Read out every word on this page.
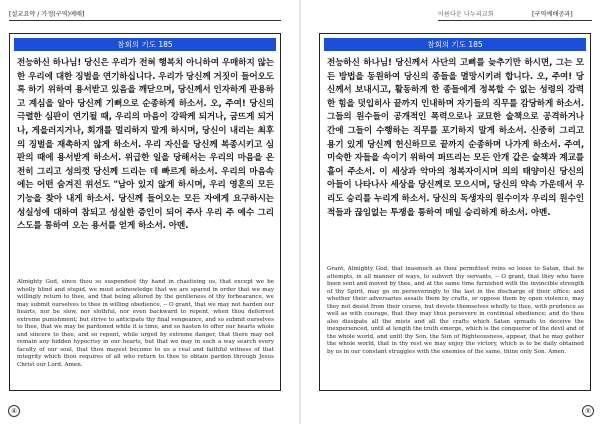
[설교요약 / 가정(구역)예배]
참회의 기도 185
전능하신 하나님! 당신은 우리가 전혀 행복치 아니하여 우매하지 않는 한 우리에 대한 징벌을 연기하십니다. 우리가 당신께 거짓이 들어오도록 하기 위하여 용서받고 있음을 깨닫으며, 당신께서 인자하게 관용하고 계심을 알아 당신께 기뻐으로 순종하게 하소서. 오, 주여! 당신의 극렬한 심판이 연기될 때, 우리의 마음이 강팍케 되거나, 굼뜨게 되거나, 게을러지거나, 회개를 멀리하지 말게 하시며, 당신이 내리는 최후의 징벌을 재촉하지 않게 하소서. 우리 자신을 당신께 복종시키고 심판의 때에 용서받게 하소서. 위급한 일을 당해서는 우리의 마음을 온전히 그리고 성의껏 당신께 드리는 데 빠르게 하소서. 우리의 마음속에는 어떤 숨겨진 위선도 "남아 있지 않게 하시며, 우리 영혼의 모든 기능을 찾아 내게 하소서. 당신께 들어오는 모든 자에게 요구하시는 성실성에 대하여 참되고 성실한 증인이 되어 주사 우리 주 예수 그리스도를 통하여 오는 용서를 얻게 하소서. 아멘.
Almighty God, since thou so suspendest thy hand in chastising us, that except we be wholly blind and stupid, we must acknowledge that we are spared in order that we may willingly return to thee, and that being allured by the gentleness of thy forbearance, we may submit ourselves to thee in willing obedience, -- O grant, that we may not harden our hearts, nor be slow, nor slothful, nor even backward to repent, when thou deferrest extreme punishment; but strive to anticipate thy final vengeance, and so submit ourselves to thee, that we may be pardoned while it is time, and so hasten to offer our hearts whole and sincere to thee, and so repent, while urged by extreme danger, that there may not remain any hidden hypocrisy in our hearts, but that we may in such a way search every faculty of our soul, that thou mayest become to us a real and faithful witness of that integrity which thou requires of all who return to thee to obtain pardon through Jesus Christ our Lord. Amen.
④
아름다운 나누리교회	[구역예배공과]
참회의 기도 185
전능하신 하나님! 당신께서 사단의 고삐를 늦추기만 하시면, 그는 모든 방법을 동원하여 당신의 종들을 멸망시키려 합니다. 오, 주여! 당신께서 보내시고, 활동하게 한 종들에게 정복할 수 없는 성령의 강력한 힘을 덧입히사 끝까지 인내하며 자기들의 직무를 감당하게 하소서. 그들의 원수들이 공개적인 폭력으로나 교묘한 술책으로 공격하거나 간에 그들이 수행하는 직무를 포기하지 말게 하소서. 신중히 그리고 용기 있게 당신께 헌신하므로 끝까지 순종하며 나가게 하소서. 주여, 미숙한 자들을 속이기 위하여 퍼뜨리는 모든 안개 같은 술책과 계교를 흩어 주소서. 이 세상과 악마의 청복자이시며 의의 태양이신 당신의 아들이 나타나사 세상을 당신께로 모으시며, 당신의 약속 가운데서 우리도 승리를 누리게 하소서. 당신의 독생자의 원수이자 우리의 원수인 적들과 끊임없는 투쟁을 통하여 매일 승리하게 하소서. 아멘.
Grant, Almighty God, that inasmuch as thou permittest reins so loose to Satan, that he attempts, in all manner of ways, to subvert thy servants, -- O grant, that they who have been sent and moved by thee, and at the same time furnished with the invincible strength of thy Spirit, may go on perseveringly to the last in the discharge of their office; and whether their adversaries assails them by crafts, or oppose them by open violence, may they not desist from their course, but devote themselves wholly to thee, with prudence as well as with courage, that they may thus persevere in continual obedience; and do thou also dissipate all the mists and all the crafts which Satan spreads to deceive the inexperienced, until at length the truth emerge, which is the conqueror of the devil and of the whole world, and until thy Son, the Sun of Righteousness, appear, that he may gather the whole world, that in thy rest we may enjoy the victory, which is to be daily obtained by us in our constant struggles with the enemies of the same, thine only Son. Amen.
⑤
